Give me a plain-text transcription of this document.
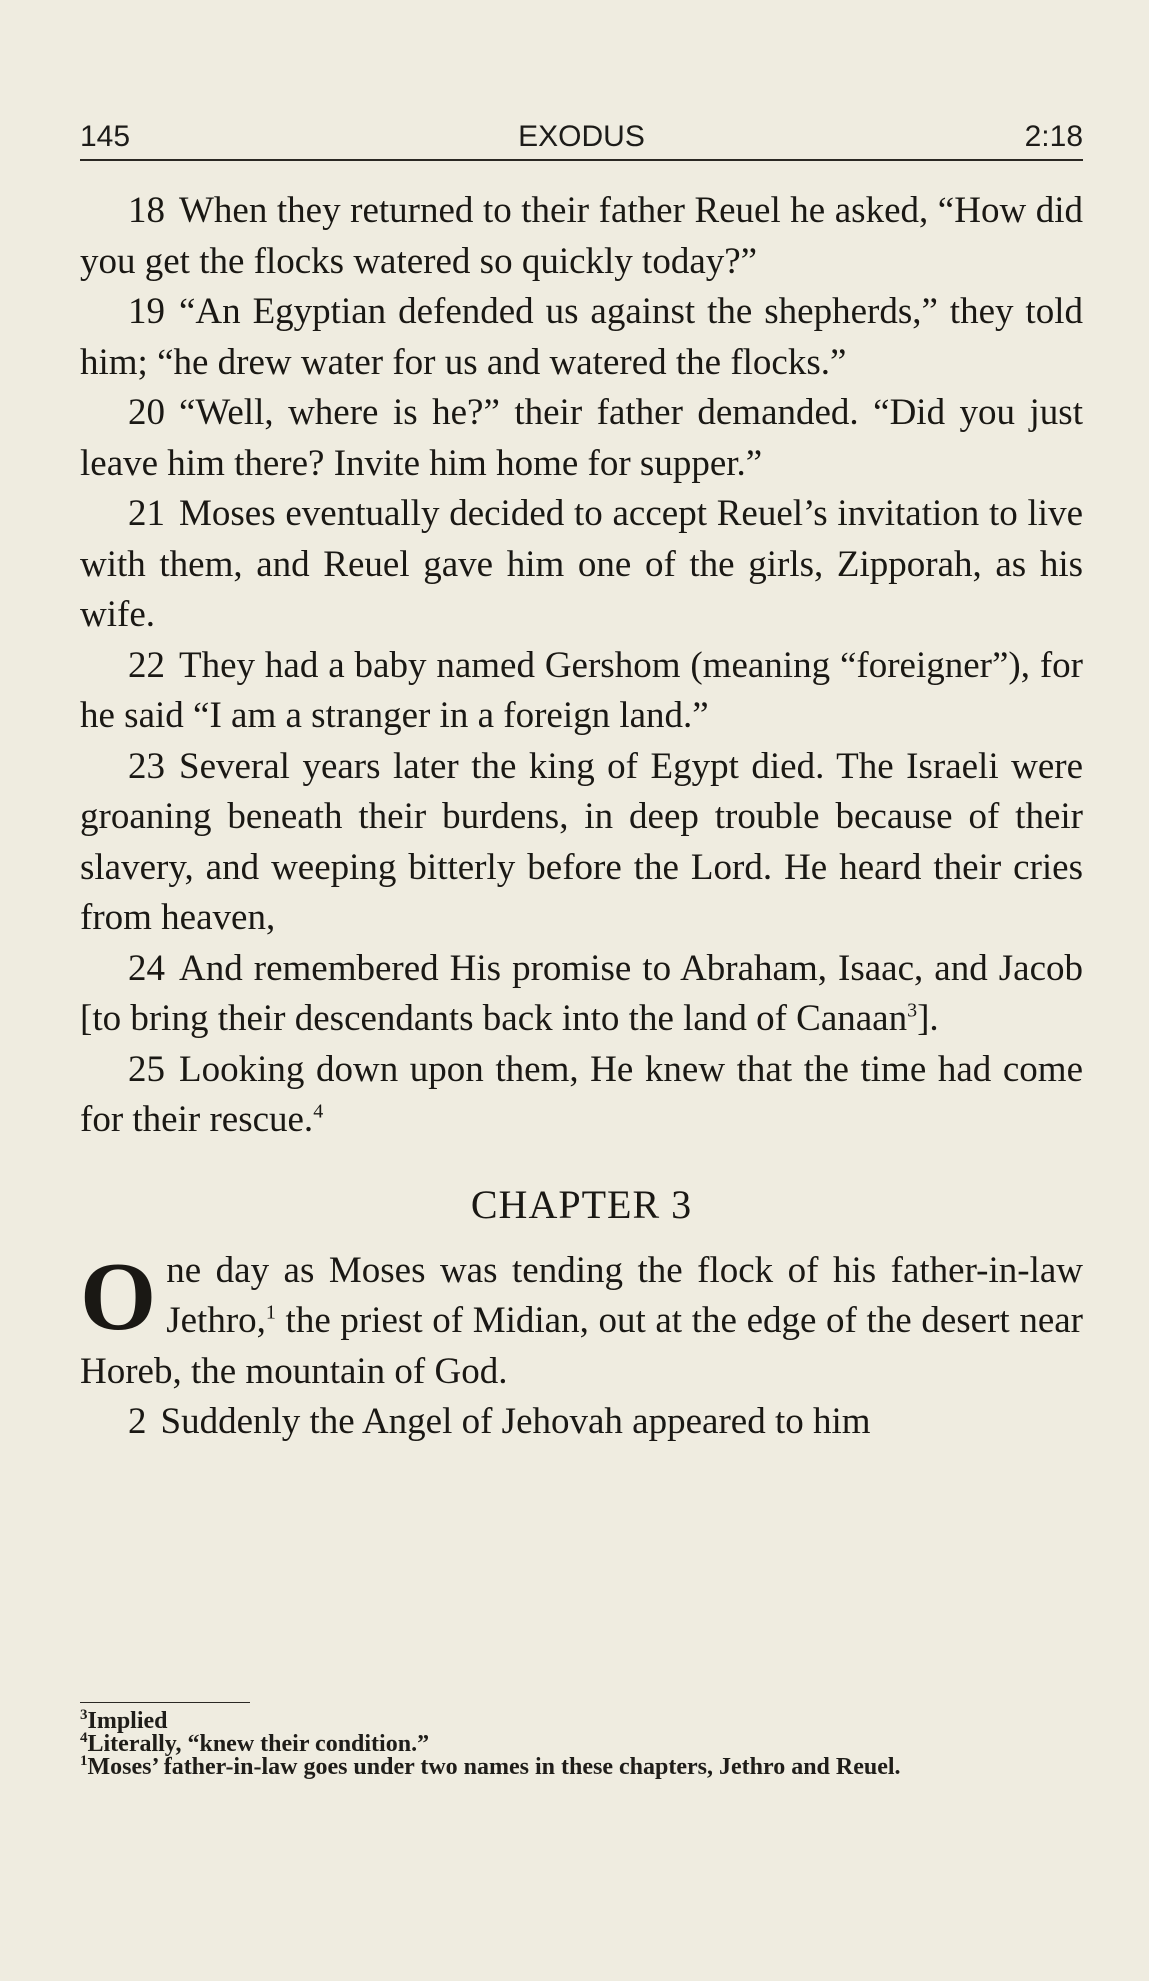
145	EXODUS	2:18

18 When they returned to their father Reuel he asked, “How did you get the flocks watered so quickly today?”

19 “An Egyptian defended us against the shepherds,” they told him; “he drew water for us and watered the flocks.”

20 “Well, where is he?” their father demanded. “Did you just leave him there? Invite him home for supper.”

21 Moses eventually decided to accept Reuel’s invitation to live with them, and Reuel gave him one of the girls, Zipporah, as his wife.

22 They had a baby named Gershom (meaning “foreigner”), for he said “I am a stranger in a foreign land.”

23 Several years later the king of Egypt died. The Israeli were groaning beneath their burdens, in deep trouble because of their slavery, and weeping bitterly before the Lord. He heard their cries from heaven,

24 And remembered His promise to Abraham, Isaac, and Jacob [to bring their descendants back into the land of Canaan$^3$].

25 Looking down upon them, He knew that the time had come for their rescue.$^4$

CHAPTER 3

One day as Moses was tending the flock of his father-in-law Jethro,$^1$ the priest of Midian, out at the edge of the desert near Horeb, the mountain of God.

2 Suddenly the Angel of Jehovah appeared to him

$^3$Implied

$^4$Literally, “knew their condition.”

$^1$Moses’ father-in-law goes under two names in these chapters, Jethro and Reuel.
